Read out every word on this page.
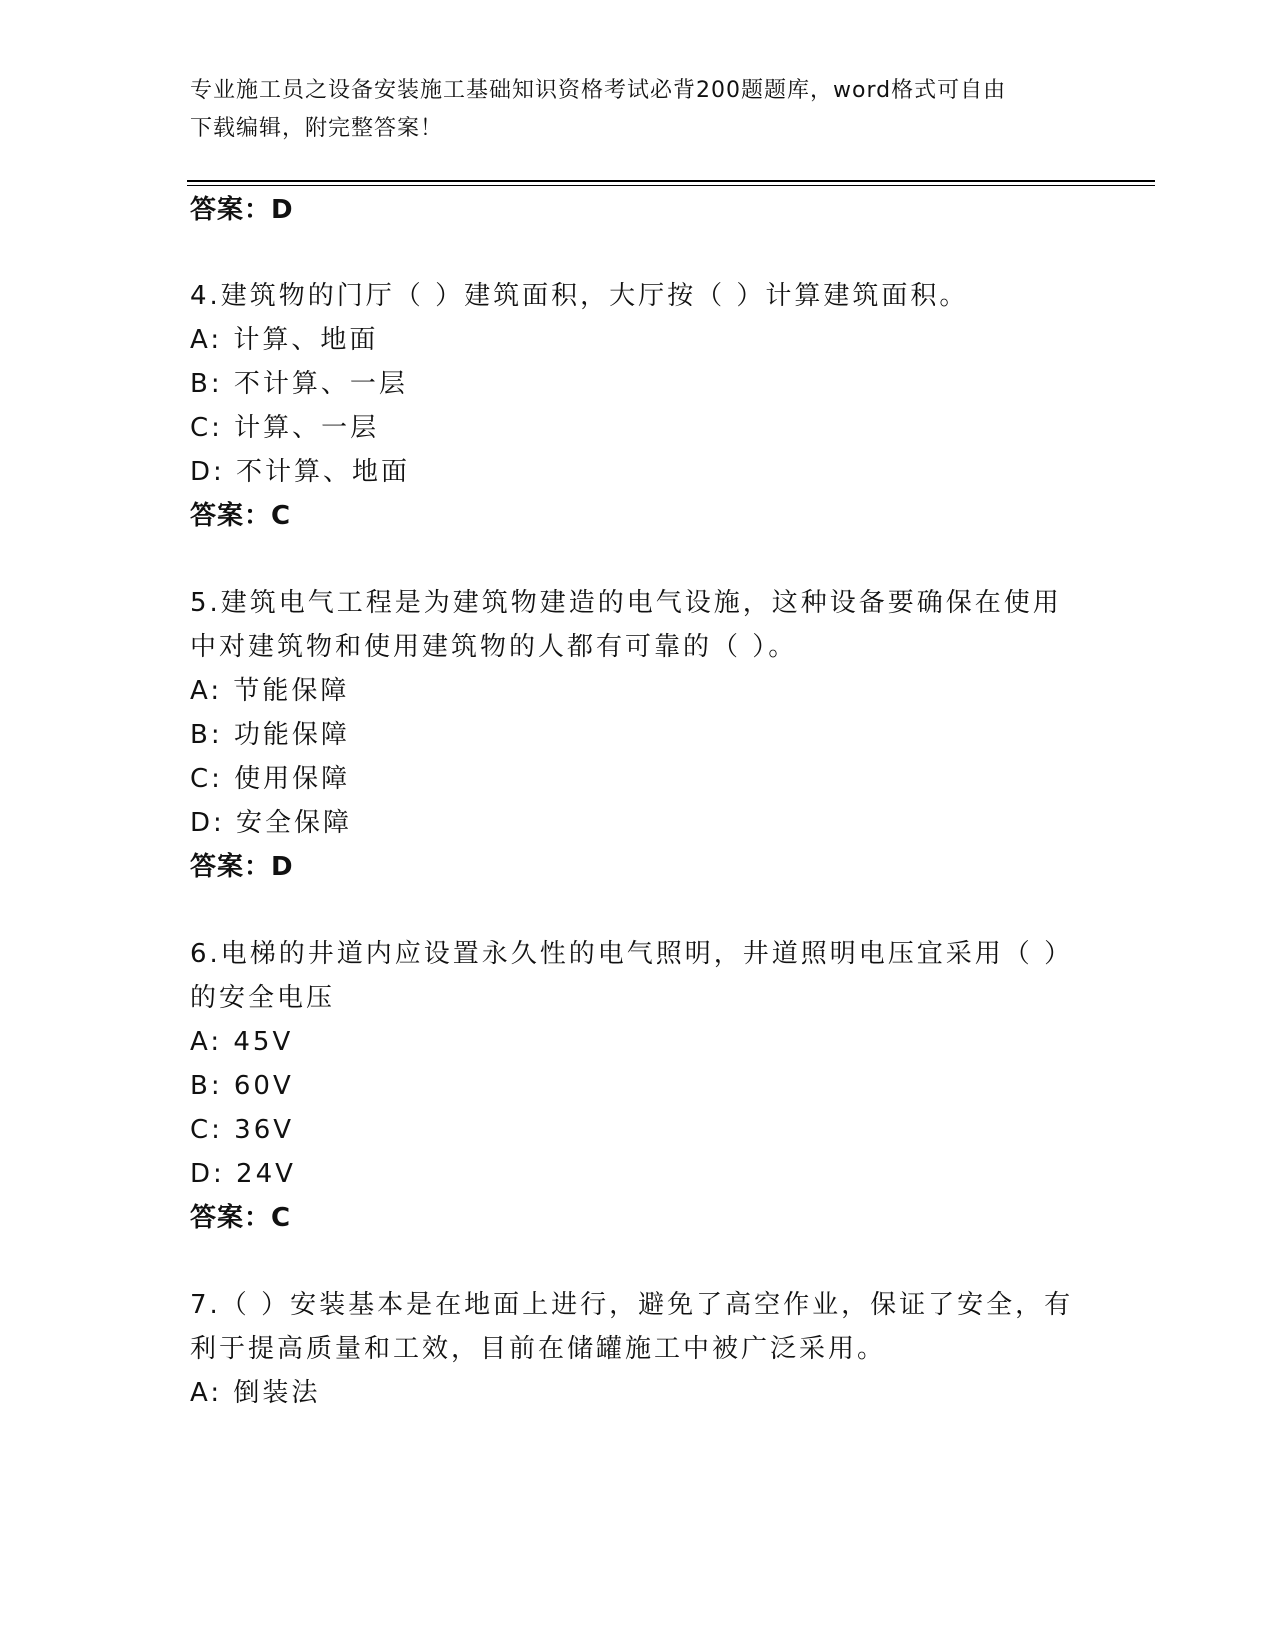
专业施工员之设备安装施工基础知识资格考试必背200题题库，word格式可自由
下载编辑，附完整答案！
答案：D
4.建筑物的门厅（ ）建筑面积，大厅按（ ）计算建筑面积。
A: 计算、地面
B: 不计算、一层
C: 计算、一层
D: 不计算、地面
答案：C
5.建筑电气工程是为建筑物建造的电气设施，这种设备要确保在使用
中对建筑物和使用建筑物的人都有可靠的（ ）。
A: 节能保障
B: 功能保障
C: 使用保障
D: 安全保障
答案：D
6.电梯的井道内应设置永久性的电气照明，井道照明电压宜采用（ ）
的安全电压
A: 45V
B: 60V
C: 36V
D: 24V
答案：C
7.（ ）安装基本是在地面上进行，避免了高空作业，保证了安全，有
利于提高质量和工效，目前在储罐施工中被广泛采用。
A: 倒装法
